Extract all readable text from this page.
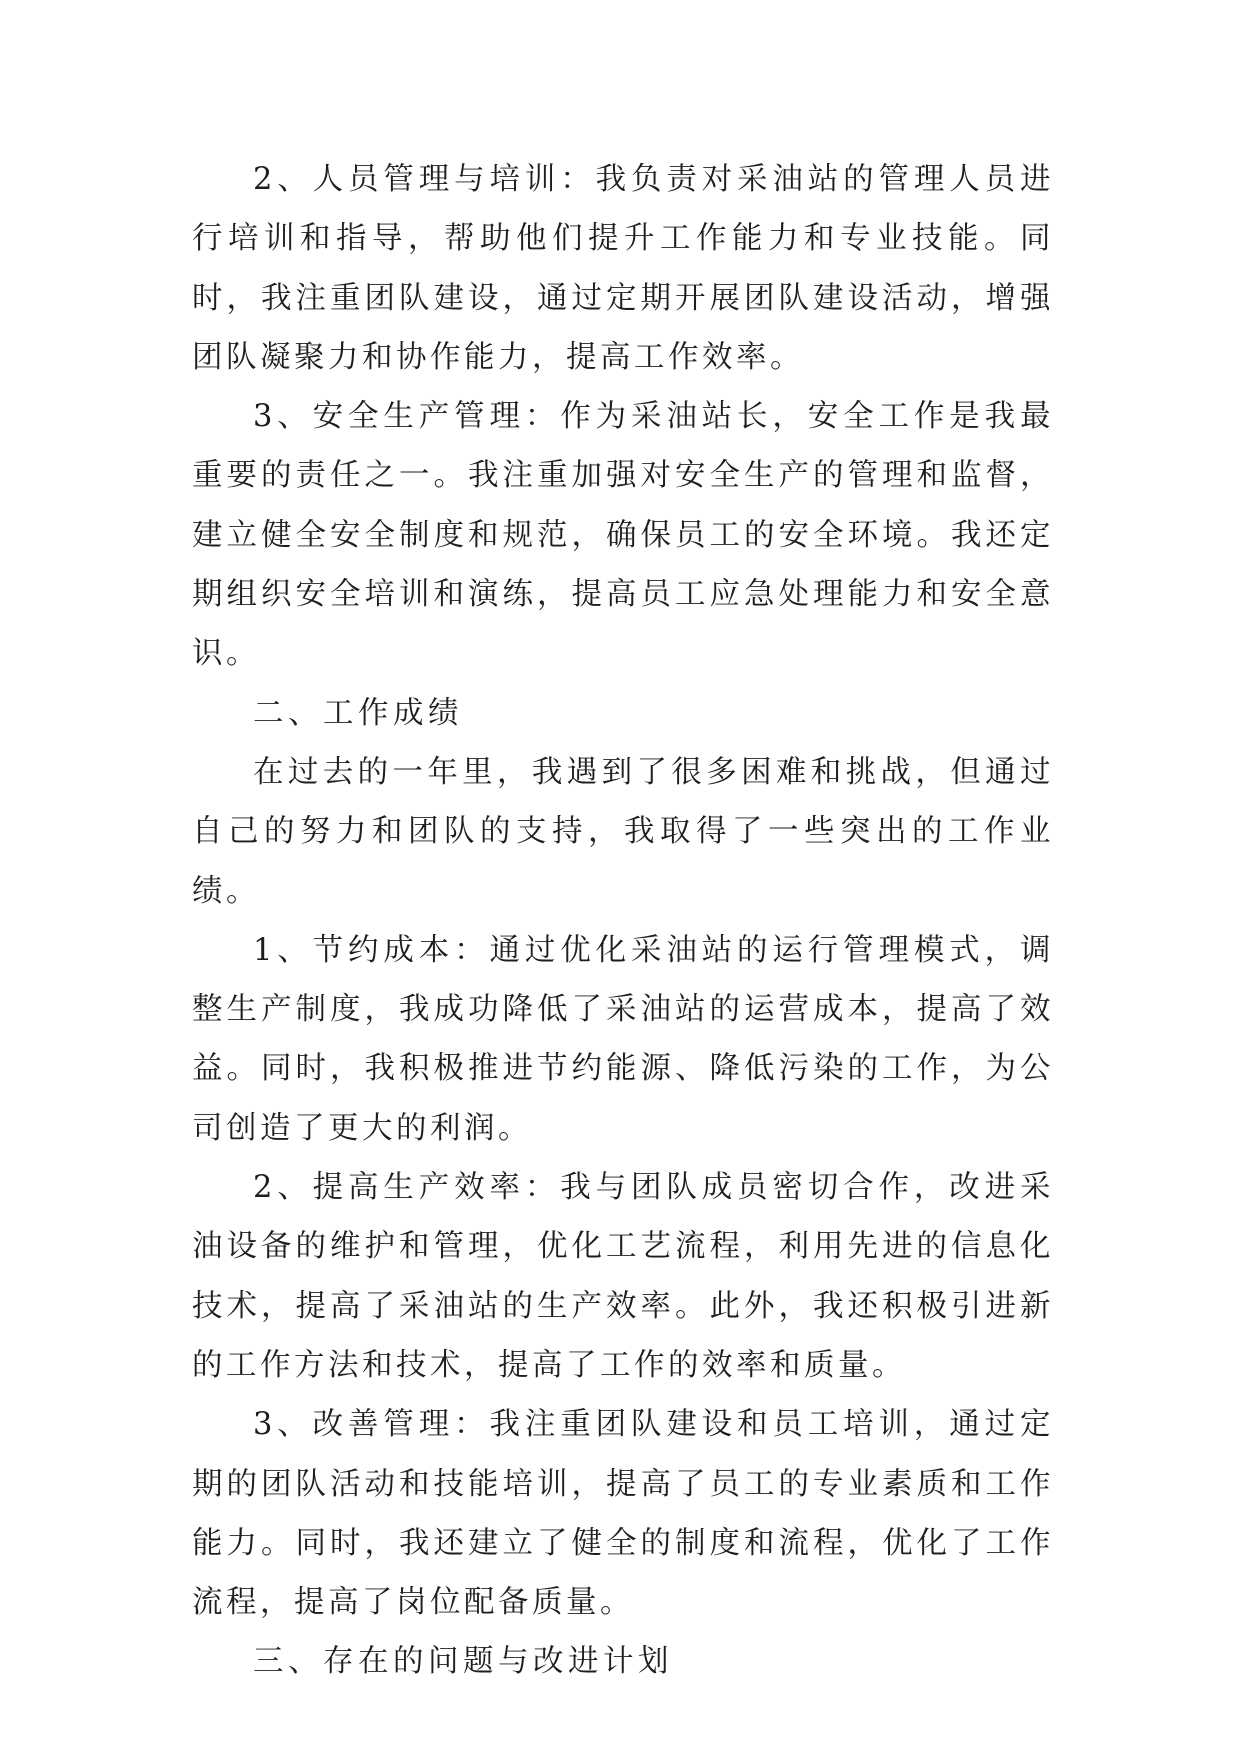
2、人员管理与培训：我负责对采油站的管理人员进行培训和指导，帮助他们提升工作能力和专业技能。同时，我注重团队建设，通过定期开展团队建设活动，增强团队凝聚力和协作能力，提高工作效率。

3、安全生产管理：作为采油站长，安全工作是我最重要的责任之一。我注重加强对安全生产的管理和监督，建立健全安全制度和规范，确保员工的安全环境。我还定期组织安全培训和演练，提高员工应急处理能力和安全意识。

二、工作成绩

在过去的一年里，我遇到了很多困难和挑战，但通过自己的努力和团队的支持，我取得了一些突出的工作业绩。

1、节约成本：通过优化采油站的运行管理模式，调整生产制度，我成功降低了采油站的运营成本，提高了效益。同时，我积极推进节约能源、降低污染的工作，为公司创造了更大的利润。

2、提高生产效率：我与团队成员密切合作，改进采油设备的维护和管理，优化工艺流程，利用先进的信息化技术，提高了采油站的生产效率。此外，我还积极引进新的工作方法和技术，提高了工作的效率和质量。

3、改善管理：我注重团队建设和员工培训，通过定期的团队活动和技能培训，提高了员工的专业素质和工作能力。同时，我还建立了健全的制度和流程，优化了工作流程，提高了岗位配备质量。

三、存在的问题与改进计划
